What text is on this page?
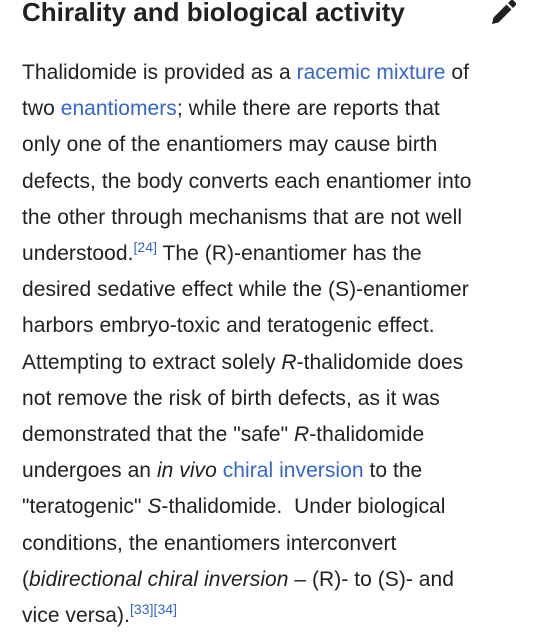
Chirality and biological activity
Thalidomide is provided as a racemic mixture of
two enantiomers; while there are reports that
only one of the enantiomers may cause birth
defects, the body converts each enantiomer into
the other through mechanisms that are not well
understood.[24] The (R)-enantiomer has the
desired sedative effect while the (S)-enantiomer
harbors embryo-toxic and teratogenic effect.
Attempting to extract solely R-thalidomide does
not remove the risk of birth defects, as it was
demonstrated that the "safe" R-thalidomide
undergoes an in vivo chiral inversion to the
"teratogenic" S-thalidomide.  Under biological
conditions, the enantiomers interconvert
(bidirectional chiral inversion – (R)- to (S)- and
vice versa).[33][34]
